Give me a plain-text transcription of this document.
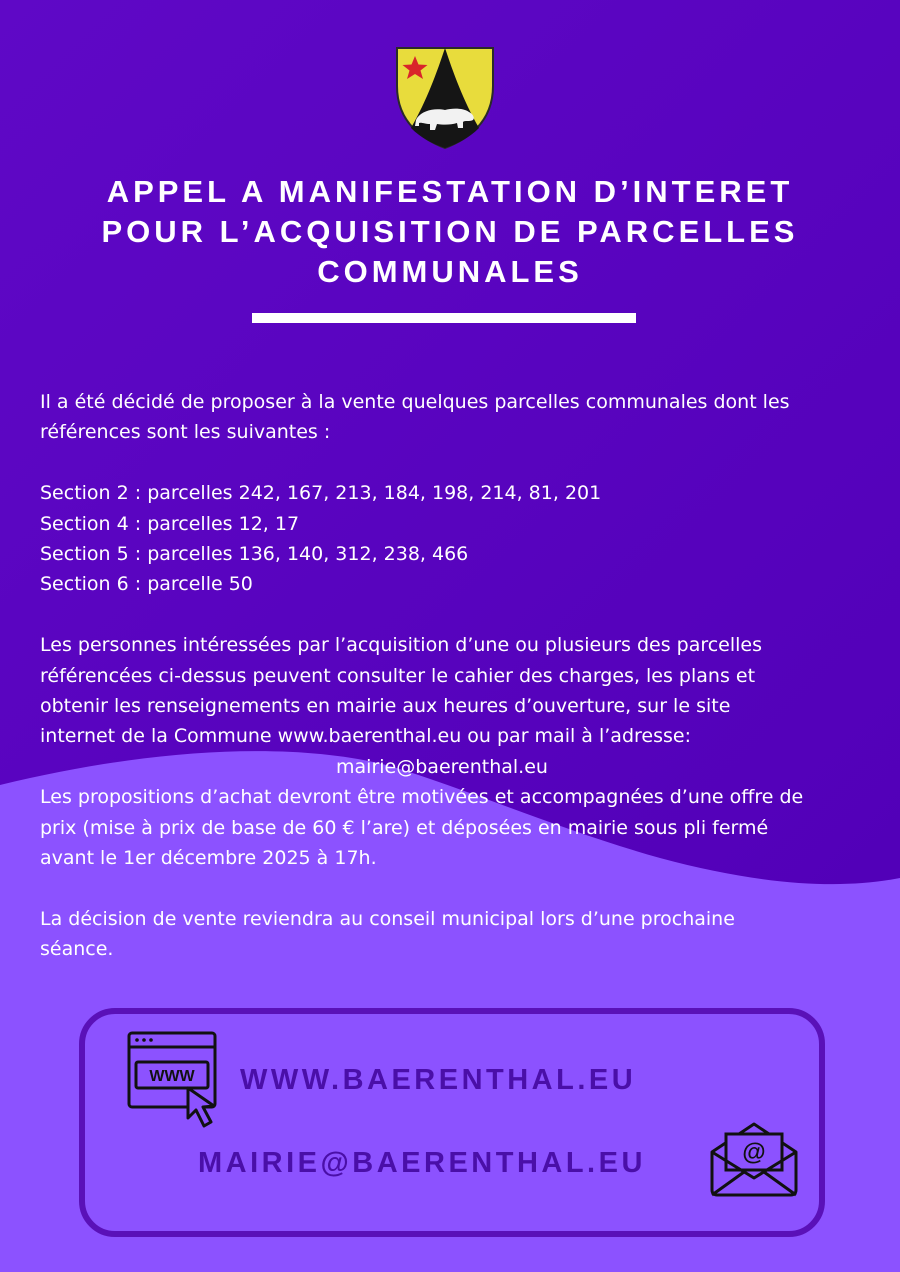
APPEL A MANIFESTATION D’INTERET
POUR L’ACQUISITION DE PARCELLES
COMMUNALES

Il a été décidé de proposer à la vente quelques parcelles communales dont les

références sont les suivantes :

Section 2 : parcelles 242, 167, 213, 184, 198, 214, 81, 201

Section 4 : parcelles 12, 17

Section 5 : parcelles 136, 140, 312, 238, 466

Section 6 : parcelle 50

Les personnes intéressées par l’acquisition d’une ou plusieurs des parcelles

référencées ci-dessus peuvent consulter le cahier des charges, les plans et

obtenir les renseignements en mairie aux heures d’ouverture, sur le site

internet de la Commune www.baerenthal.eu ou par mail à l’adresse:

mairie@baerenthal.eu

Les propositions d’achat devront être motivées et accompagnées d’une offre de

prix (mise à prix de base de 60 € l’are) et déposées en mairie sous pli fermé

avant le 1er décembre 2025 à 17h.

La décision de vente reviendra au conseil municipal lors d’une prochaine

séance.

WWW WWW.BAERENTHAL.EU
MAIRIE@BAERENTHAL.EU	@
